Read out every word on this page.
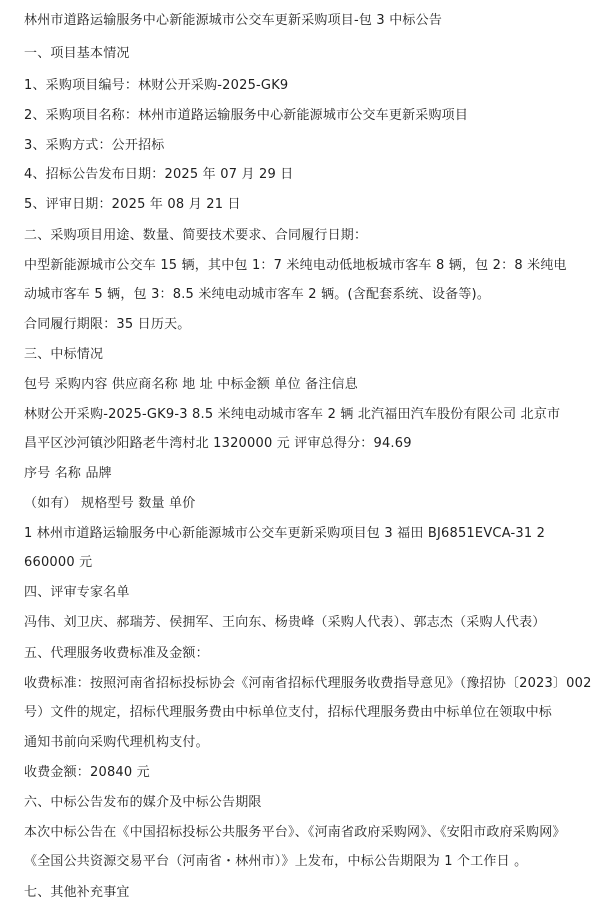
林州市道路运输服务中心新能源城市公交车更新采购项目-包 3 中标公告
一、项目基本情况
1、采购项目编号：林财公开采购-2025-GK9
2、采购项目名称：林州市道路运输服务中心新能源城市公交车更新采购项目
3、采购方式：公开招标
4、招标公告发布日期：2025 年 07 月 29 日
5、评审日期：2025 年 08 月 21 日
二、采购项目用途、数量、简要技术要求、合同履行日期：
中型新能源城市公交车 15 辆，其中包 1：7 米纯电动低地板城市客车 8 辆，包 2：8 米纯电
动城市客车 5 辆，包 3：8.5 米纯电动城市客车 2 辆。(含配套系统、设备等)。
合同履行期限：35 日历天。
三、中标情况
包号 采购内容 供应商名称 地 址 中标金额 单位 备注信息
林财公开采购-2025-GK9-3 8.5 米纯电动城市客车 2 辆 北汽福田汽车股份有限公司 北京市
昌平区沙河镇沙阳路老牛湾村北 1320000 元 评审总得分：94.69
序号 名称 品牌
（如有） 规格型号 数量 单价
1 林州市道路运输服务中心新能源城市公交车更新采购项目包 3 福田 BJ6851EVCA-31 2
660000 元
四、评审专家名单
冯伟、刘卫庆、郝瑞芳、侯拥军、王向东、杨贵峰（采购人代表）、郭志杰（采购人代表）
五、代理服务收费标准及金额：
收费标准：按照河南省招标投标协会《河南省招标代理服务收费指导意见》（豫招协〔2023〕002
号）文件的规定，招标代理服务费由中标单位支付，招标代理服务费由中标单位在领取中标
通知书前向采购代理机构支付。
收费金额：20840 元
六、中标公告发布的媒介及中标公告期限
本次中标公告在《中国招标投标公共服务平台》、《河南省政府采购网》、《安阳市政府采购网》
《全国公共资源交易平台（河南省・林州市）》上发布，中标公告期限为 1 个工作日 。
七、其他补充事宜
